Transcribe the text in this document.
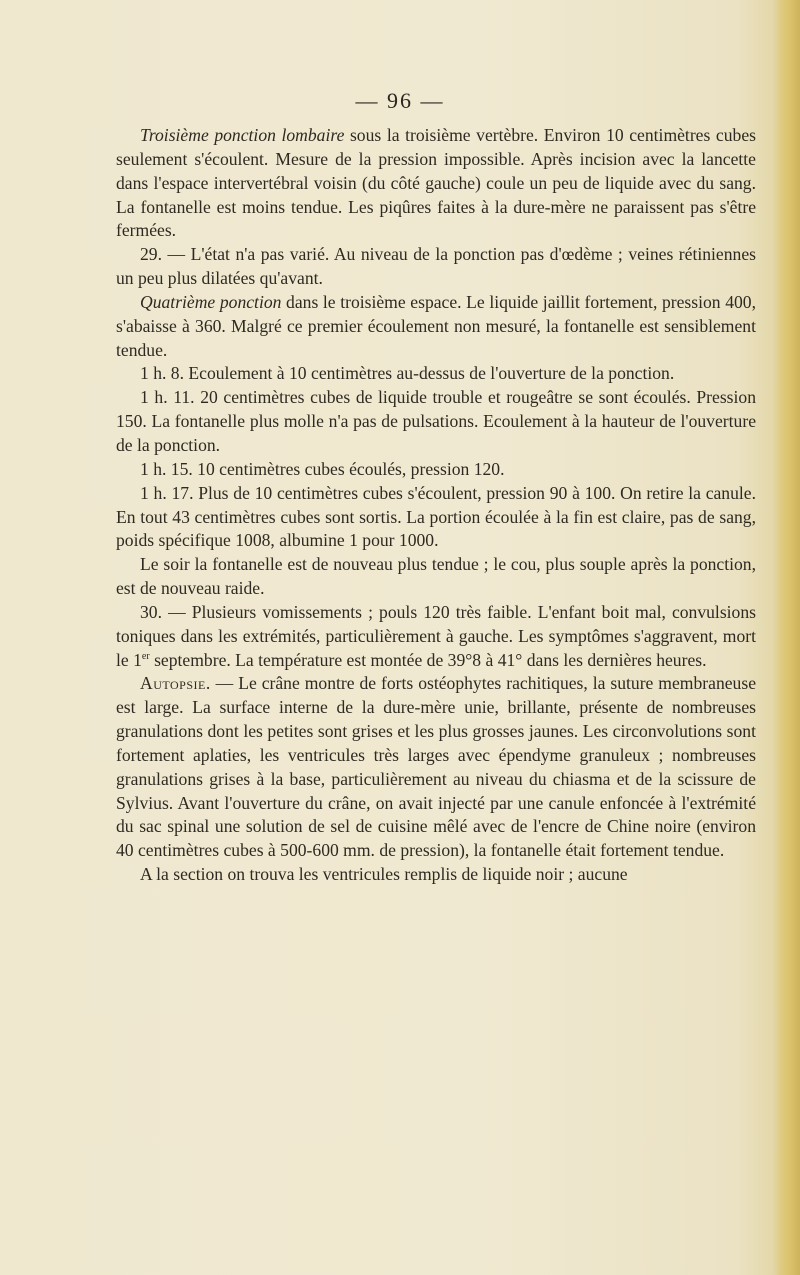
— 96 —

Troisième ponction lombaire sous la troisième vertèbre. Environ 10 centimètres cubes seulement s'écoulent. Mesure de la pression impossible. Après incision avec la lancette dans l'espace intervertébral voisin (du côté gauche) coule un peu de liquide avec du sang. La fontanelle est moins tendue. Les piqûres faites à la dure-mère ne paraissent pas s'être fermées.

29. — L'état n'a pas varié. Au niveau de la ponction pas d'œdème ; veines rétiniennes un peu plus dilatées qu'avant.

Quatrième ponction dans le troisième espace. Le liquide jaillit fortement, pression 400, s'abaisse à 360. Malgré ce premier écoulement non mesuré, la fontanelle est sensiblement tendue.

1 h. 8. Ecoulement à 10 centimètres au-dessus de l'ouverture de la ponction.

1 h. 11. 20 centimètres cubes de liquide trouble et rougeâtre se sont écoulés. Pression 150. La fontanelle plus molle n'a pas de pulsations. Ecoulement à la hauteur de l'ouverture de la ponction.

1 h. 15. 10 centimètres cubes écoulés, pression 120.

1 h. 17. Plus de 10 centimètres cubes s'écoulent, pression 90 à 100. On retire la canule. En tout 43 centimètres cubes sont sortis. La portion écoulée à la fin est claire, pas de sang, poids spécifique 1008, albumine 1 pour 1000.

Le soir la fontanelle est de nouveau plus tendue ; le cou, plus souple après la ponction, est de nouveau raide.

30. — Plusieurs vomissements ; pouls 120 très faible. L'enfant boit mal, convulsions toniques dans les extrémités, particulièrement à gauche. Les symptômes s'aggravent, mort le 1er septembre. La température est montée de 39°8 à 41° dans les dernières heures.

Autopsie. — Le crâne montre de forts ostéophytes rachitiques, la suture membraneuse est large. La surface interne de la dure-mère unie, brillante, présente de nombreuses granulations dont les petites sont grises et les plus grosses jaunes. Les circonvolutions sont fortement aplaties, les ventricules très larges avec épendyme granuleux ; nombreuses granulations grises à la base, particulièrement au niveau du chiasma et de la scissure de Sylvius. Avant l'ouverture du crâne, on avait injecté par une canule enfoncée à l'extrémité du sac spinal une solution de sel de cuisine mêlé avec de l'encre de Chine noire (environ 40 centimètres cubes à 500-600 mm. de pression), la fontanelle était fortement tendue.

A la section on trouva les ventricules remplis de liquide noir ; aucune
